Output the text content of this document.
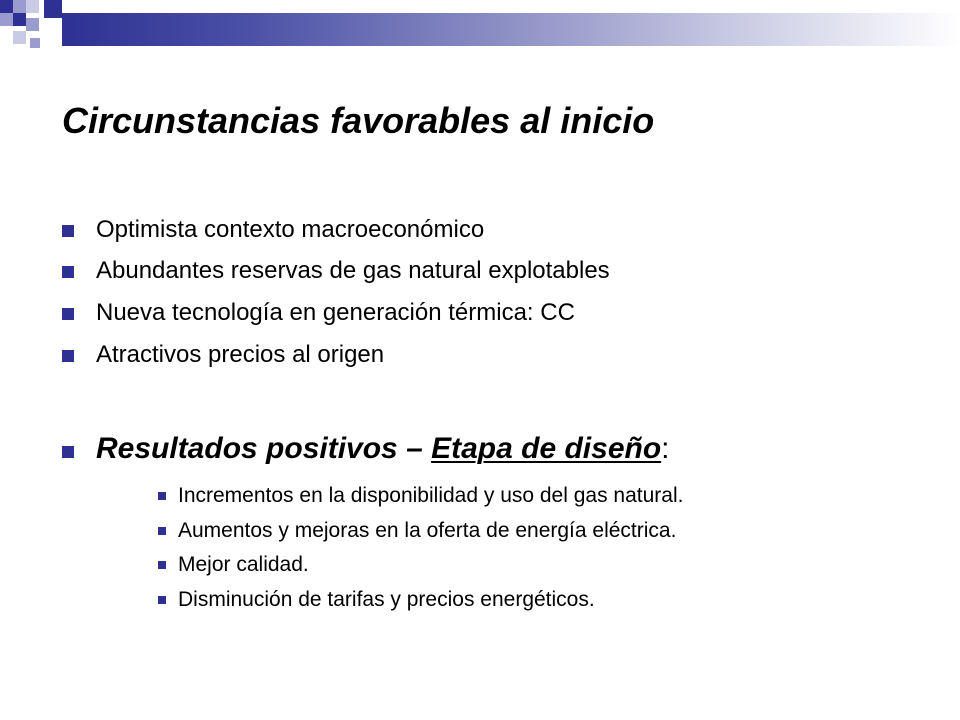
Circunstancias favorables al inicio
Optimista contexto macroeconómico
Abundantes reservas de gas natural explotables
Nueva tecnología en generación térmica: CC
Atractivos precios al origen
Resultados positivos – Etapa de diseño:
Incrementos en la disponibilidad y uso del gas natural.
Aumentos y mejoras en la oferta de energía eléctrica.
Mejor calidad.
Disminución de tarifas y precios energéticos.
